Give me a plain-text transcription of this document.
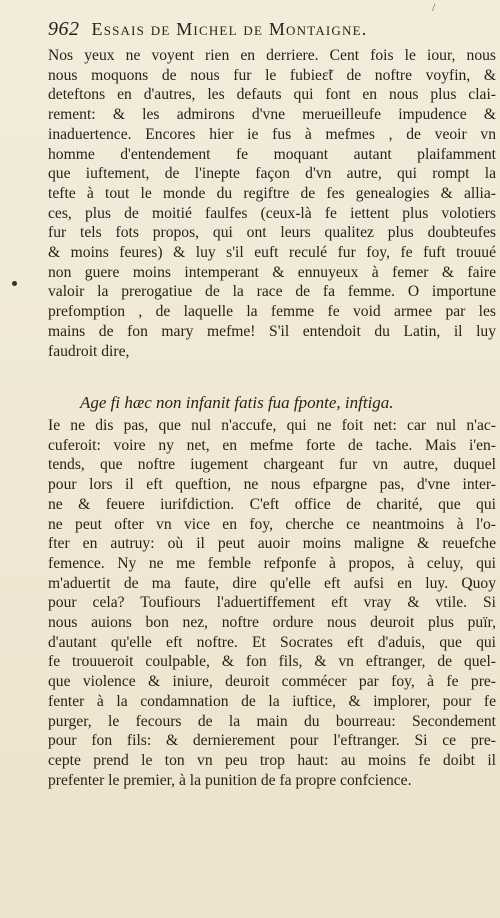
/
962 Essais de Michel de Montaigne.
Nos yeux ne voyent rien en derriere. Cent fois le iour, nous
nous moquons de nous fur le fubieɛ̃t de noftre voyfin, &
deteftons en d'autres, les defauts qui font en nous plus clai-
rement: & les admirons d'vne merueilleufe impudence &
inaduertence. Encores hier ie fus à mefmes , de veoir vn
homme d'entendement fe moquant autant plaifamment
que iuftement, de l'inepte façon d'vn autre, qui rompt la
tefte à tout le monde du regiftre de fes genealogies & allia-
ces, plus de moitié faulfes (ceux-là fe iettent plus volotiers
fur tels fots propos, qui ont leurs qualitez plus doubteufes
& moins feures) & luy s'il euft reculé fur foy, fe fuft trouué
non guere moins intemperant & ennuyeux à femer & faire
valoir la prerogatiue de la race de fa femme. O importune
prefomption , de laquelle la femme fe void armee par les
mains de fon mary mefme! S'il entendoit du Latin, il luy
faudroit dire,
Age fi hæc non infanit fatis fua fponte, inftiga.
Ie ne dis pas, que nul n'accufe, qui ne foit net: car nul n'ac-
cuferoit: voire ny net, en mefme forte de tache. Mais i'en-
tends, que noftre iugement chargeant fur vn autre, duquel
pour lors il eft queftion, ne nous efpargne pas, d'vne inter-
ne & feuere iurifdiction. C'eft office de charité, que qui
ne peut ofter vn vice en foy, cherche ce neantmoins à l'o-
fter en autruy: où il peut auoir moins maligne & reuefche
femence. Ny ne me femble refponfe à propos, à celuy, qui
m'aduertit de ma faute, dire qu'elle eft aufsi en luy. Quoy
pour cela? Toufiours l'aduertiffement eft vray & vtile. Si
nous auions bon nez, noftre ordure nous deuroit plus puïr,
d'autant qu'elle eft noftre. Et Socrates eft d'aduis, que qui
fe trouueroit coulpable, & fon fils, & vn eftranger, de quel-
que violence & iniure, deuroit commécer par foy, à fe pre-
fenter à la condamnation de la iuftice, & implorer, pour fe
purger, le fecours de la main du bourreau: Secondement
pour fon fils: & dernierement pour l'eftranger. Si ce pre-
cepte prend le ton vn peu trop haut: au moins fe doibt il
prefenter le premier, à la punition de fa propre confcience.
